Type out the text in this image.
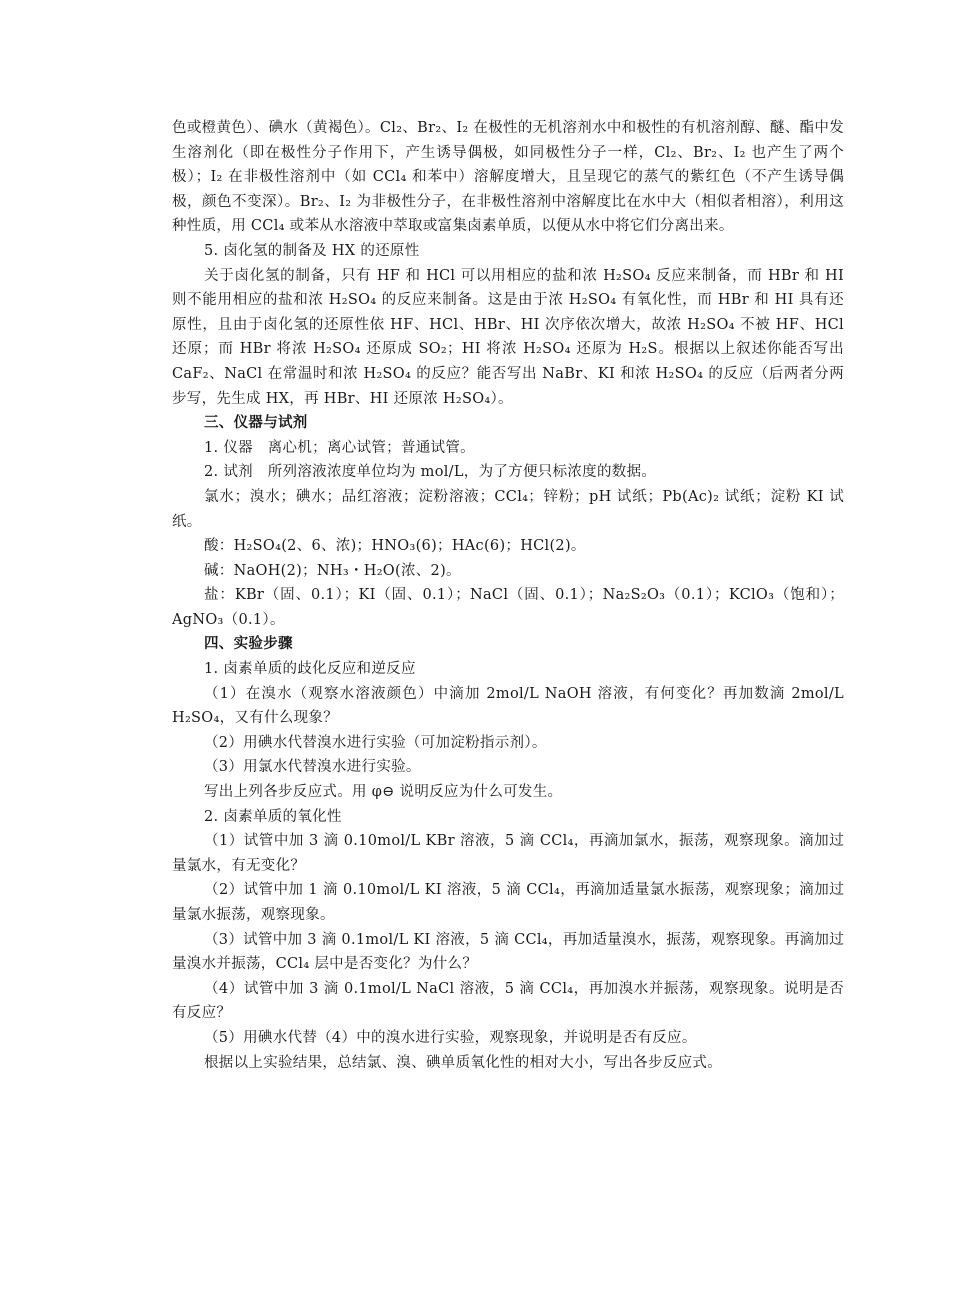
色或橙黄色）、碘水（黄褐色）。Cl₂、Br₂、I₂ 在极性的无机溶剂水中和极性的有机溶剂醇、醚、酯中发生溶剂化（即在极性分子作用下，产生诱导偶极，如同极性分子一样，Cl₂、Br₂、I₂ 也产生了两个极）；I₂ 在非极性溶剂中（如 CCl₄ 和苯中）溶解度增大，且呈现它的蒸气的紫红色（不产生诱导偶极，颜色不变深）。Br₂、I₂ 为非极性分子，在非极性溶剂中溶解度比在水中大（相似者相溶），利用这种性质，用 CCl₄ 或苯从水溶液中萃取或富集卤素单质，以便从水中将它们分离出来。

5. 卤化氢的制备及 HX 的还原性

关于卤化氢的制备，只有 HF 和 HCl 可以用相应的盐和浓 H₂SO₄ 反应来制备，而 HBr 和 HI 则不能用相应的盐和浓 H₂SO₄ 的反应来制备。这是由于浓 H₂SO₄ 有氧化性，而 HBr 和 HI 具有还原性，且由于卤化氢的还原性依 HF、HCl、HBr、HI 次序依次增大，故浓 H₂SO₄ 不被 HF、HCl 还原；而 HBr 将浓 H₂SO₄ 还原成 SO₂；HI 将浓 H₂SO₄ 还原为 H₂S。根据以上叙述你能否写出 CaF₂、NaCl 在常温时和浓 H₂SO₄ 的反应？能否写出 NaBr、KI 和浓 H₂SO₄ 的反应（后两者分两步写，先生成 HX，再 HBr、HI 还原浓 H₂SO₄）。

三、仪器与试剂

1. 仪器　离心机；离心试管；普通试管。

2. 试剂　所列溶液浓度单位均为 mol/L，为了方便只标浓度的数据。

氯水；溴水；碘水；品红溶液；淀粉溶液；CCl₄；锌粉；pH 试纸；Pb(Ac)₂ 试纸；淀粉 KI 试纸。

酸：H₂SO₄(2、6、浓)；HNO₃(6)；HAc(6)；HCl(2)。

碱：NaOH(2)；NH₃・H₂O(浓、2)。

盐：KBr（固、0.1）；KI（固、0.1）；NaCl（固、0.1）；Na₂S₂O₃（0.1）；KClO₃（饱和）；AgNO₃（0.1）。

四、实验步骤

1. 卤素单质的歧化反应和逆反应

（1）在溴水（观察水溶液颜色）中滴加 2mol/L NaOH 溶液，有何变化？再加数滴 2mol/L H₂SO₄，又有什么现象？

（2）用碘水代替溴水进行实验（可加淀粉指示剂）。

（3）用氯水代替溴水进行实验。

写出上列各步反应式。用 φ⊖ 说明反应为什么可发生。

2. 卤素单质的氧化性

（1）试管中加 3 滴 0.10mol/L KBr 溶液，5 滴 CCl₄，再滴加氯水，振荡，观察现象。滴加过量氯水，有无变化？

（2）试管中加 1 滴 0.10mol/L KI 溶液，5 滴 CCl₄，再滴加适量氯水振荡，观察现象；滴加过量氯水振荡，观察现象。

（3）试管中加 3 滴 0.1mol/L KI 溶液，5 滴 CCl₄，再加适量溴水，振荡，观察现象。再滴加过量溴水并振荡，CCl₄ 层中是否变化？为什么？

（4）试管中加 3 滴 0.1mol/L NaCl 溶液，5 滴 CCl₄，再加溴水并振荡，观察现象。说明是否有反应？

（5）用碘水代替（4）中的溴水进行实验，观察现象，并说明是否有反应。

根据以上实验结果，总结氯、溴、碘单质氧化性的相对大小，写出各步反应式。
